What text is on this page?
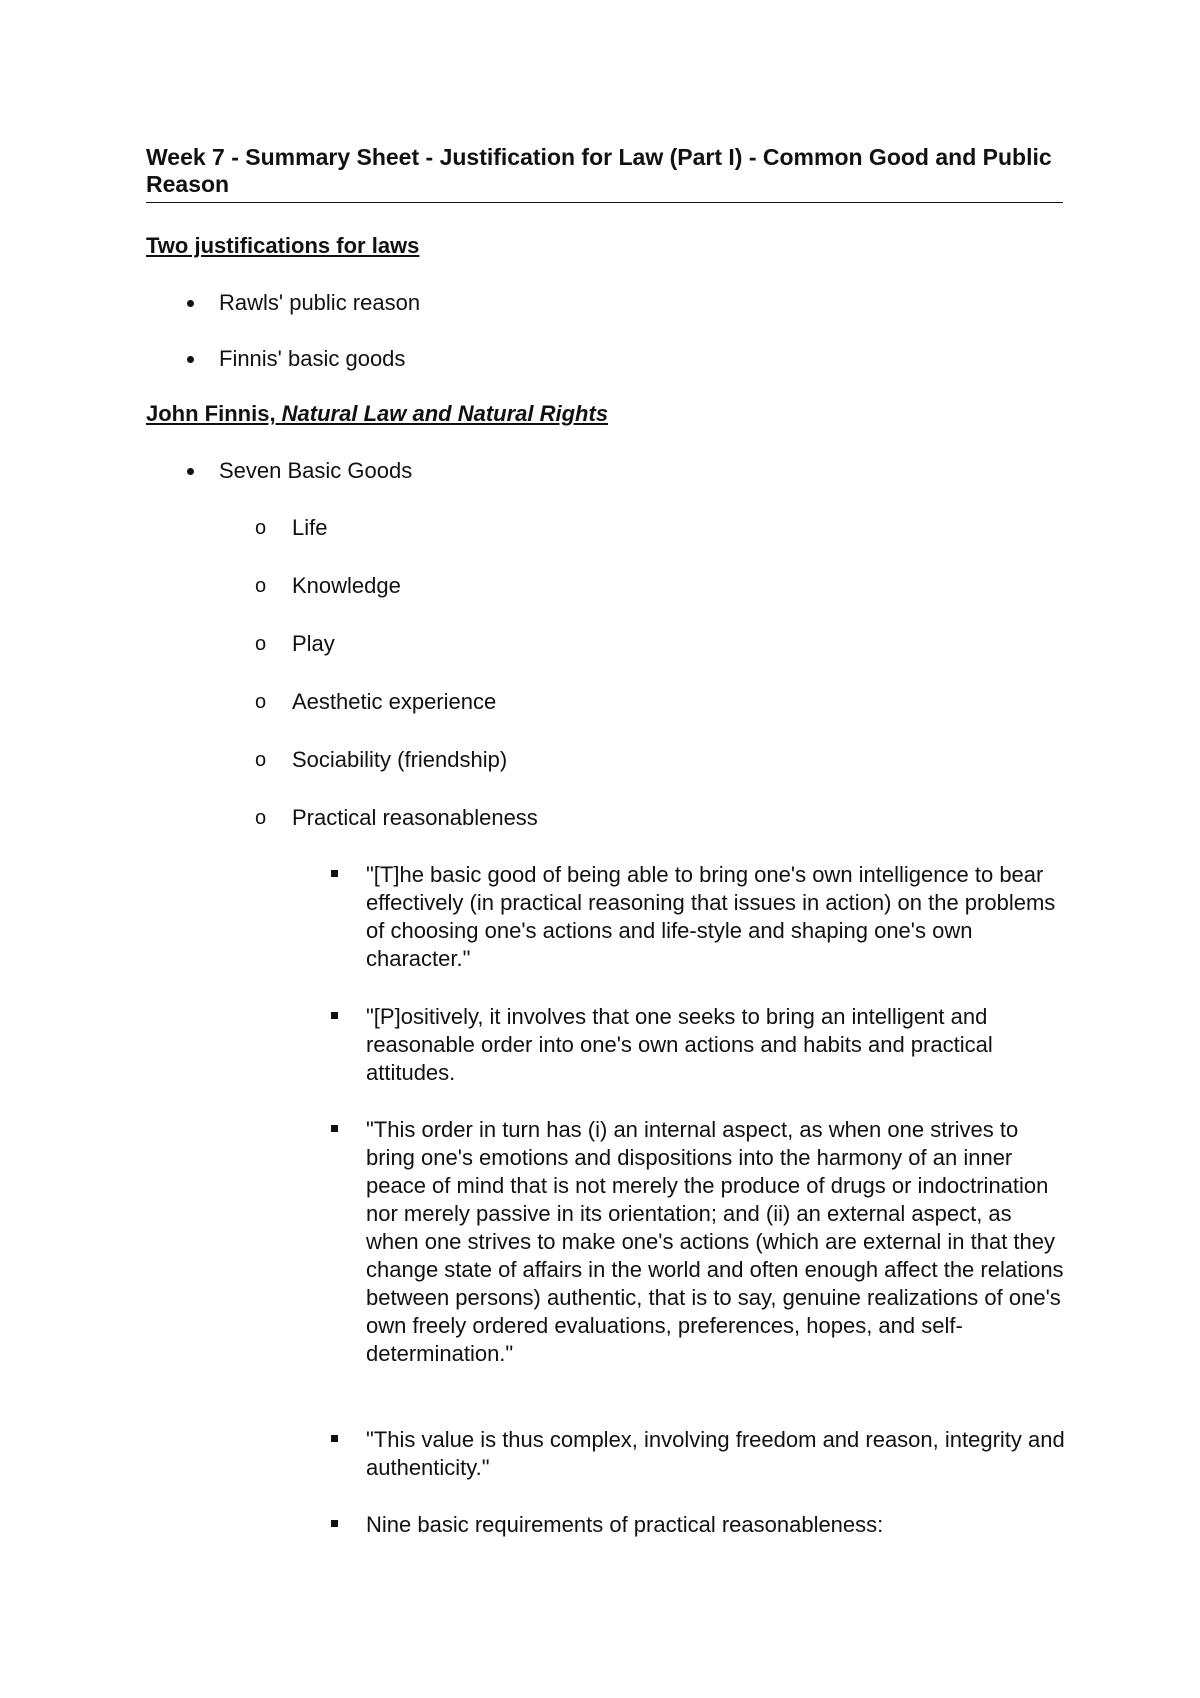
Week 7 - Summary Sheet - Justification for Law (Part I) - Common Good and Public Reason
Two justifications for laws

Rawls' public reason

Finnis' basic goods

John Finnis, Natural Law and Natural Rights

Seven Basic Goods

o Life

o Knowledge

o Play

o Aesthetic experience

o Sociability (friendship)

o Practical reasonableness

"[T]he basic good of being able to bring one's own intelligence to bear effectively (in practical reasoning that issues in action) on the problems of choosing one's actions and life-style and shaping one's own character."

"[P]ositively, it involves that one seeks to bring an intelligent and reasonable order into one's own actions and habits and practical attitudes.

"This order in turn has (i) an internal aspect, as when one strives to bring one's emotions and dispositions into the harmony of an inner peace of mind that is not merely the produce of drugs or indoctrination nor merely passive in its orientation; and (ii) an external aspect, as when one strives to make one's actions (which are external in that they change state of affairs in the world and often enough affect the relations between persons) authentic, that is to say, genuine realizations of one's own freely ordered evaluations, preferences, hopes, and self-determination."

"This value is thus complex, involving freedom and reason, integrity and authenticity."

Nine basic requirements of practical reasonableness:
